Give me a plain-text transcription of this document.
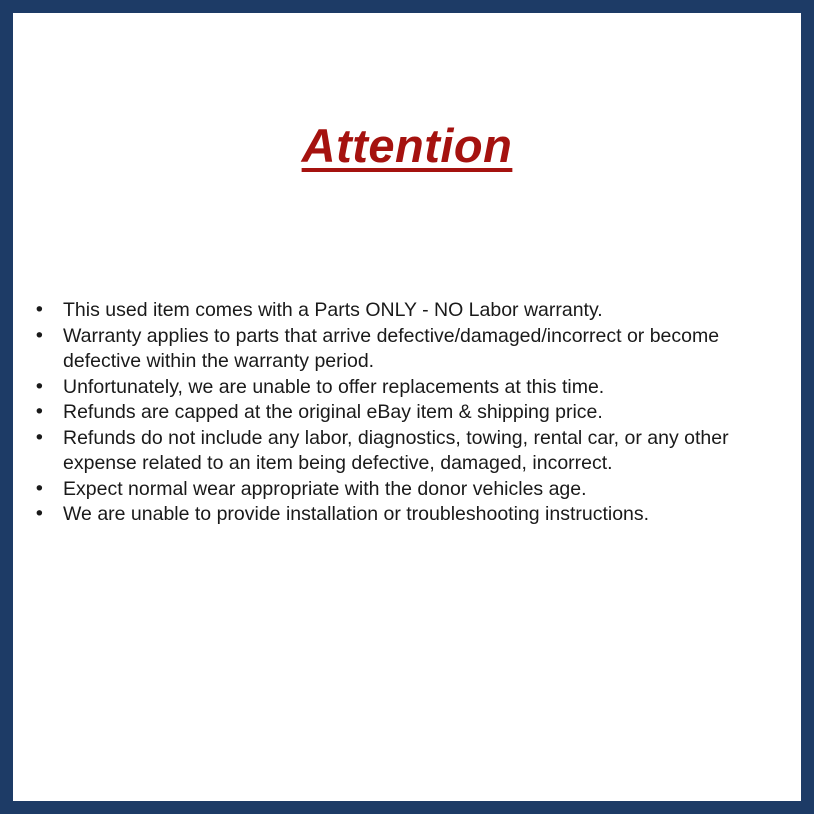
Attention
• This used item comes with a Parts ONLY - NO Labor warranty.
• Warranty applies to parts that arrive defective/damaged/incorrect or become defective within the warranty period.
• Unfortunately, we are unable to offer replacements at this time.
• Refunds are capped at the original eBay item & shipping price.
• Refunds do not include any labor, diagnostics, towing, rental car, or any other expense related to an item being defective, damaged, incorrect.
• Expect normal wear appropriate with the donor vehicles age.
• We are unable to provide installation or troubleshooting instructions.
